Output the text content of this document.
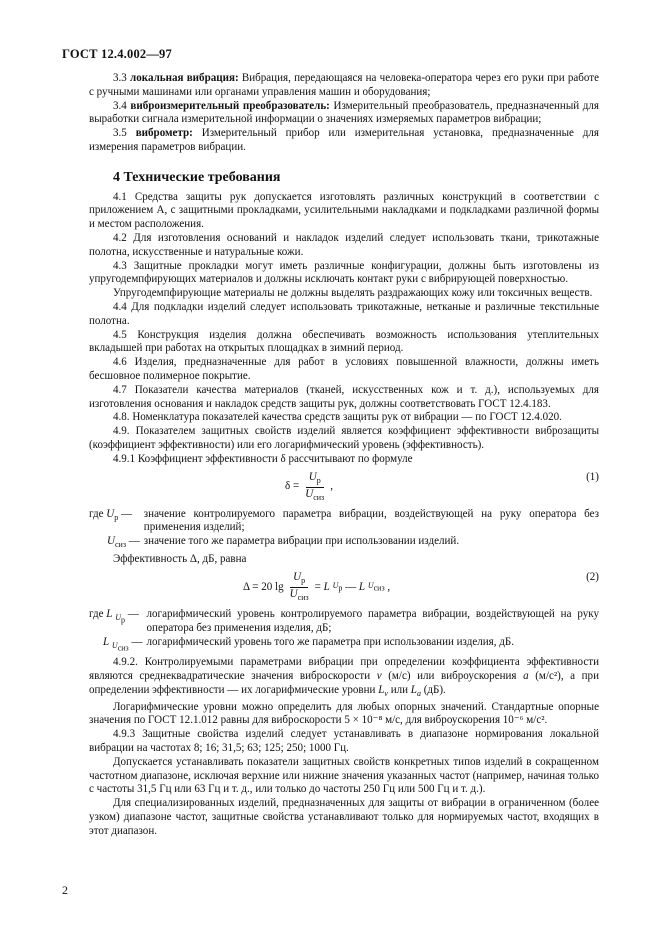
ГОСТ 12.4.002—97

3.3 локальная вибрация: Вибрация, передающаяся на человека-оператора через его руки при работе с ручными машинами или органами управления машин и оборудования;

3.4 виброизмерительный преобразователь: Измерительный преобразователь, предназначенный для выработки сигнала измерительной информации о значениях измеряемых параметров вибрации;

3.5 виброметр: Измерительный прибор или измерительная установка, предназначенные для измерения параметров вибрации.

4 Технические требования

4.1 Средства защиты рук допускается изготовлять различных конструкций в соответствии с приложением А, с защитными прокладками, усилительными накладками и подкладками различной формы и местом расположения.

4.2 Для изготовления оснований и накладок изделий следует использовать ткани, трикотажные полотна, искусственные и натуральные кожи.

4.3 Защитные прокладки могут иметь различные конфигурации, должны быть изготовлены из упругодемпфирующих материалов и должны исключать контакт руки с вибрирующей поверхностью.

Упругодемпфирующие материалы не должны выделять раздражающих кожу или токсичных веществ.

4.4 Для подкладки изделий следует использовать трикотажные, нетканые и различные текстильные полотна.

4.5 Конструкция изделия должна обеспечивать возможность использования утеплительных вкладышей при работах на открытых площадках в зимний период.

4.6 Изделия, предназначенные для работ в условиях повышенной влажности, должны иметь бесшовное полимерное покрытие.

4.7 Показатели качества материалов (тканей, искусственных кож и т. д.), используемых для изготовления основания и накладок средств защиты рук, должны соответствовать ГОСТ 12.4.183.

4.8. Номенклатура показателей качества средств защиты рук от вибрации — по ГОСТ 12.4.020.

4.9. Показателем защитных свойств изделий является коэффициент эффективности виброзащиты (коэффициент эффективности) или его логарифмический уровень (эффективность).

4.9.1 Коэффициент эффективности δ рассчитывают по формуле

$\delta = \frac{U_р}{U_{сиз}}$ ,
(1)
где $U_р$ —	значение контролируемого параметра вибрации, воздействующей на руку оператора без применения изделий;
$U_{сиз}$ — значение того же параметра вибрации при использовании изделий.

Эффективность Δ, дБ, равна

Δ = 20 $\lg \frac{U_р}{U_{сиз}}$ =
L
$U_р$
—
L
$U_{сиз}$
,
(2)
где L $_{U_р}$ — логарифмический уровень контролируемого параметра вибрации, воздействующей на руку оператора без применения изделия, дБ;
L $_{U_{сиз}}$ — логарифмический уровень того же параметра при использовании изделия, дБ.

4.9.2. Контролируемыми параметрами вибрации при определении коэффициента эффективности являются среднеквадратические значения виброскорости v (м/с) или виброускорения a (м/с²), а при определении эффективности — их логарифмические уровни $L_v$ или $L_a$ (дБ).

Логарифмические уровни можно определить для любых опорных значений. Стандартные опорные значения по ГОСТ 12.1.012 равны для виброскорости 5 × 10⁻⁸ м/с, для виброускорения 10⁻⁶ м/с².

4.9.3 Защитные свойства изделий следует устанавливать в диапазоне нормирования локальной вибрации на частотах 8; 16; 31,5; 63; 125; 250; 1000 Гц.

Допускается устанавливать показатели защитных свойств конкретных типов изделий в сокращенном частотном диапазоне, исключая верхние или нижние значения указанных частот (например, начиная только с частоты 31,5 Гц или 63 Гц и т. д., или только до частоты 250 Гц или 500 Гц и т. д.).

Для специализированных изделий, предназначенных для защиты от вибрации в ограниченном (более узком) диапазоне частот, защитные свойства устанавливают только для нормируемых частот, входящих в этот диапазон.

2
